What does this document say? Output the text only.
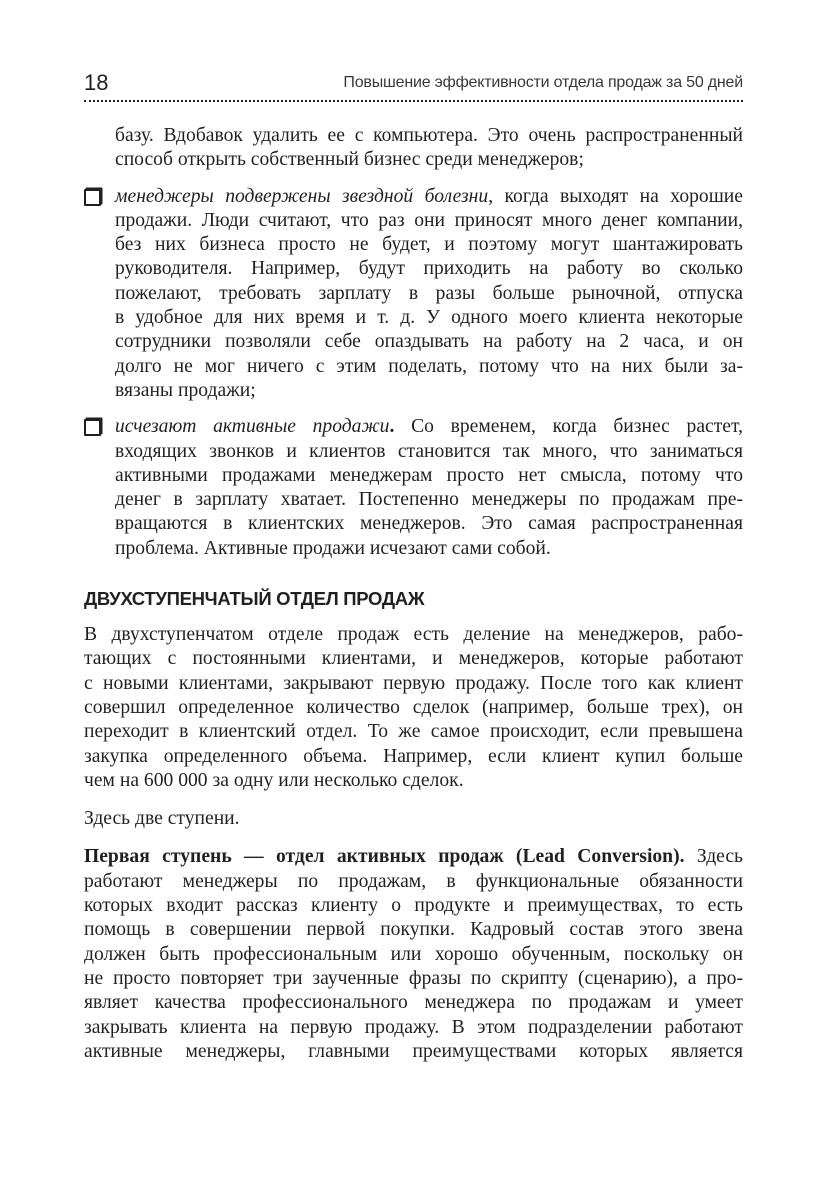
18	Повышение эффективности отдела продаж за 50 дней
базу. Вдобавок удалить ее с компьютера. Это очень распространенный
способ открыть собственный бизнес среди менеджеров;
менеджеры подвержены звездной болезни, когда выходят на хорошие
продажи. Люди считают, что раз они приносят много денег компании,
без них бизнеса просто не будет, и поэтому могут шантажировать
руководителя. Например, будут приходить на работу во сколько
пожелают, требовать зарплату в разы больше рыночной, отпуска
в удобное для них время и т. д. У одного моего клиента некоторые
сотрудники позволяли себе опаздывать на работу на 2 часа, и он
долго не мог ничего с этим поделать, потому что на них были за-
вязаны продажи;
исчезают активные продажи. Со временем, когда бизнес растет,
входящих звонков и клиентов становится так много, что заниматься
активными продажами менеджерам просто нет смысла, потому что
денег в зарплату хватает. Постепенно менеджеры по продажам пре-
вращаются в клиентских менеджеров. Это самая распространенная
проблема. Активные продажи исчезают сами собой.
ДВУХСТУПЕНЧАТЫЙ ОТДЕЛ ПРОДАЖ
В двухступенчатом отделе продаж есть деление на менеджеров, рабо-
тающих с постоянными клиентами, и менеджеров, которые работают
с новыми клиентами, закрывают первую продажу. После того как клиент
совершил определенное количество сделок (например, больше трех), он
переходит в клиентский отдел. То же самое происходит, если превышена
закупка определенного объема. Например, если клиент купил больше
чем на 600 000 за одну или несколько сделок.
Здесь две ступени.
Первая ступень — отдел активных продаж (Lead Conversion). Здесь
работают менеджеры по продажам, в функциональные обязанности
которых входит рассказ клиенту о продукте и преимуществах, то есть
помощь в совершении первой покупки. Кадровый состав этого звена
должен быть профессиональным или хорошо обученным, поскольку он
не просто повторяет три заученные фразы по скрипту (сценарию), а про-
являет качества профессионального менеджера по продажам и умеет
закрывать клиента на первую продажу. В этом подразделении работают
активные менеджеры, главными преимуществами которых является
